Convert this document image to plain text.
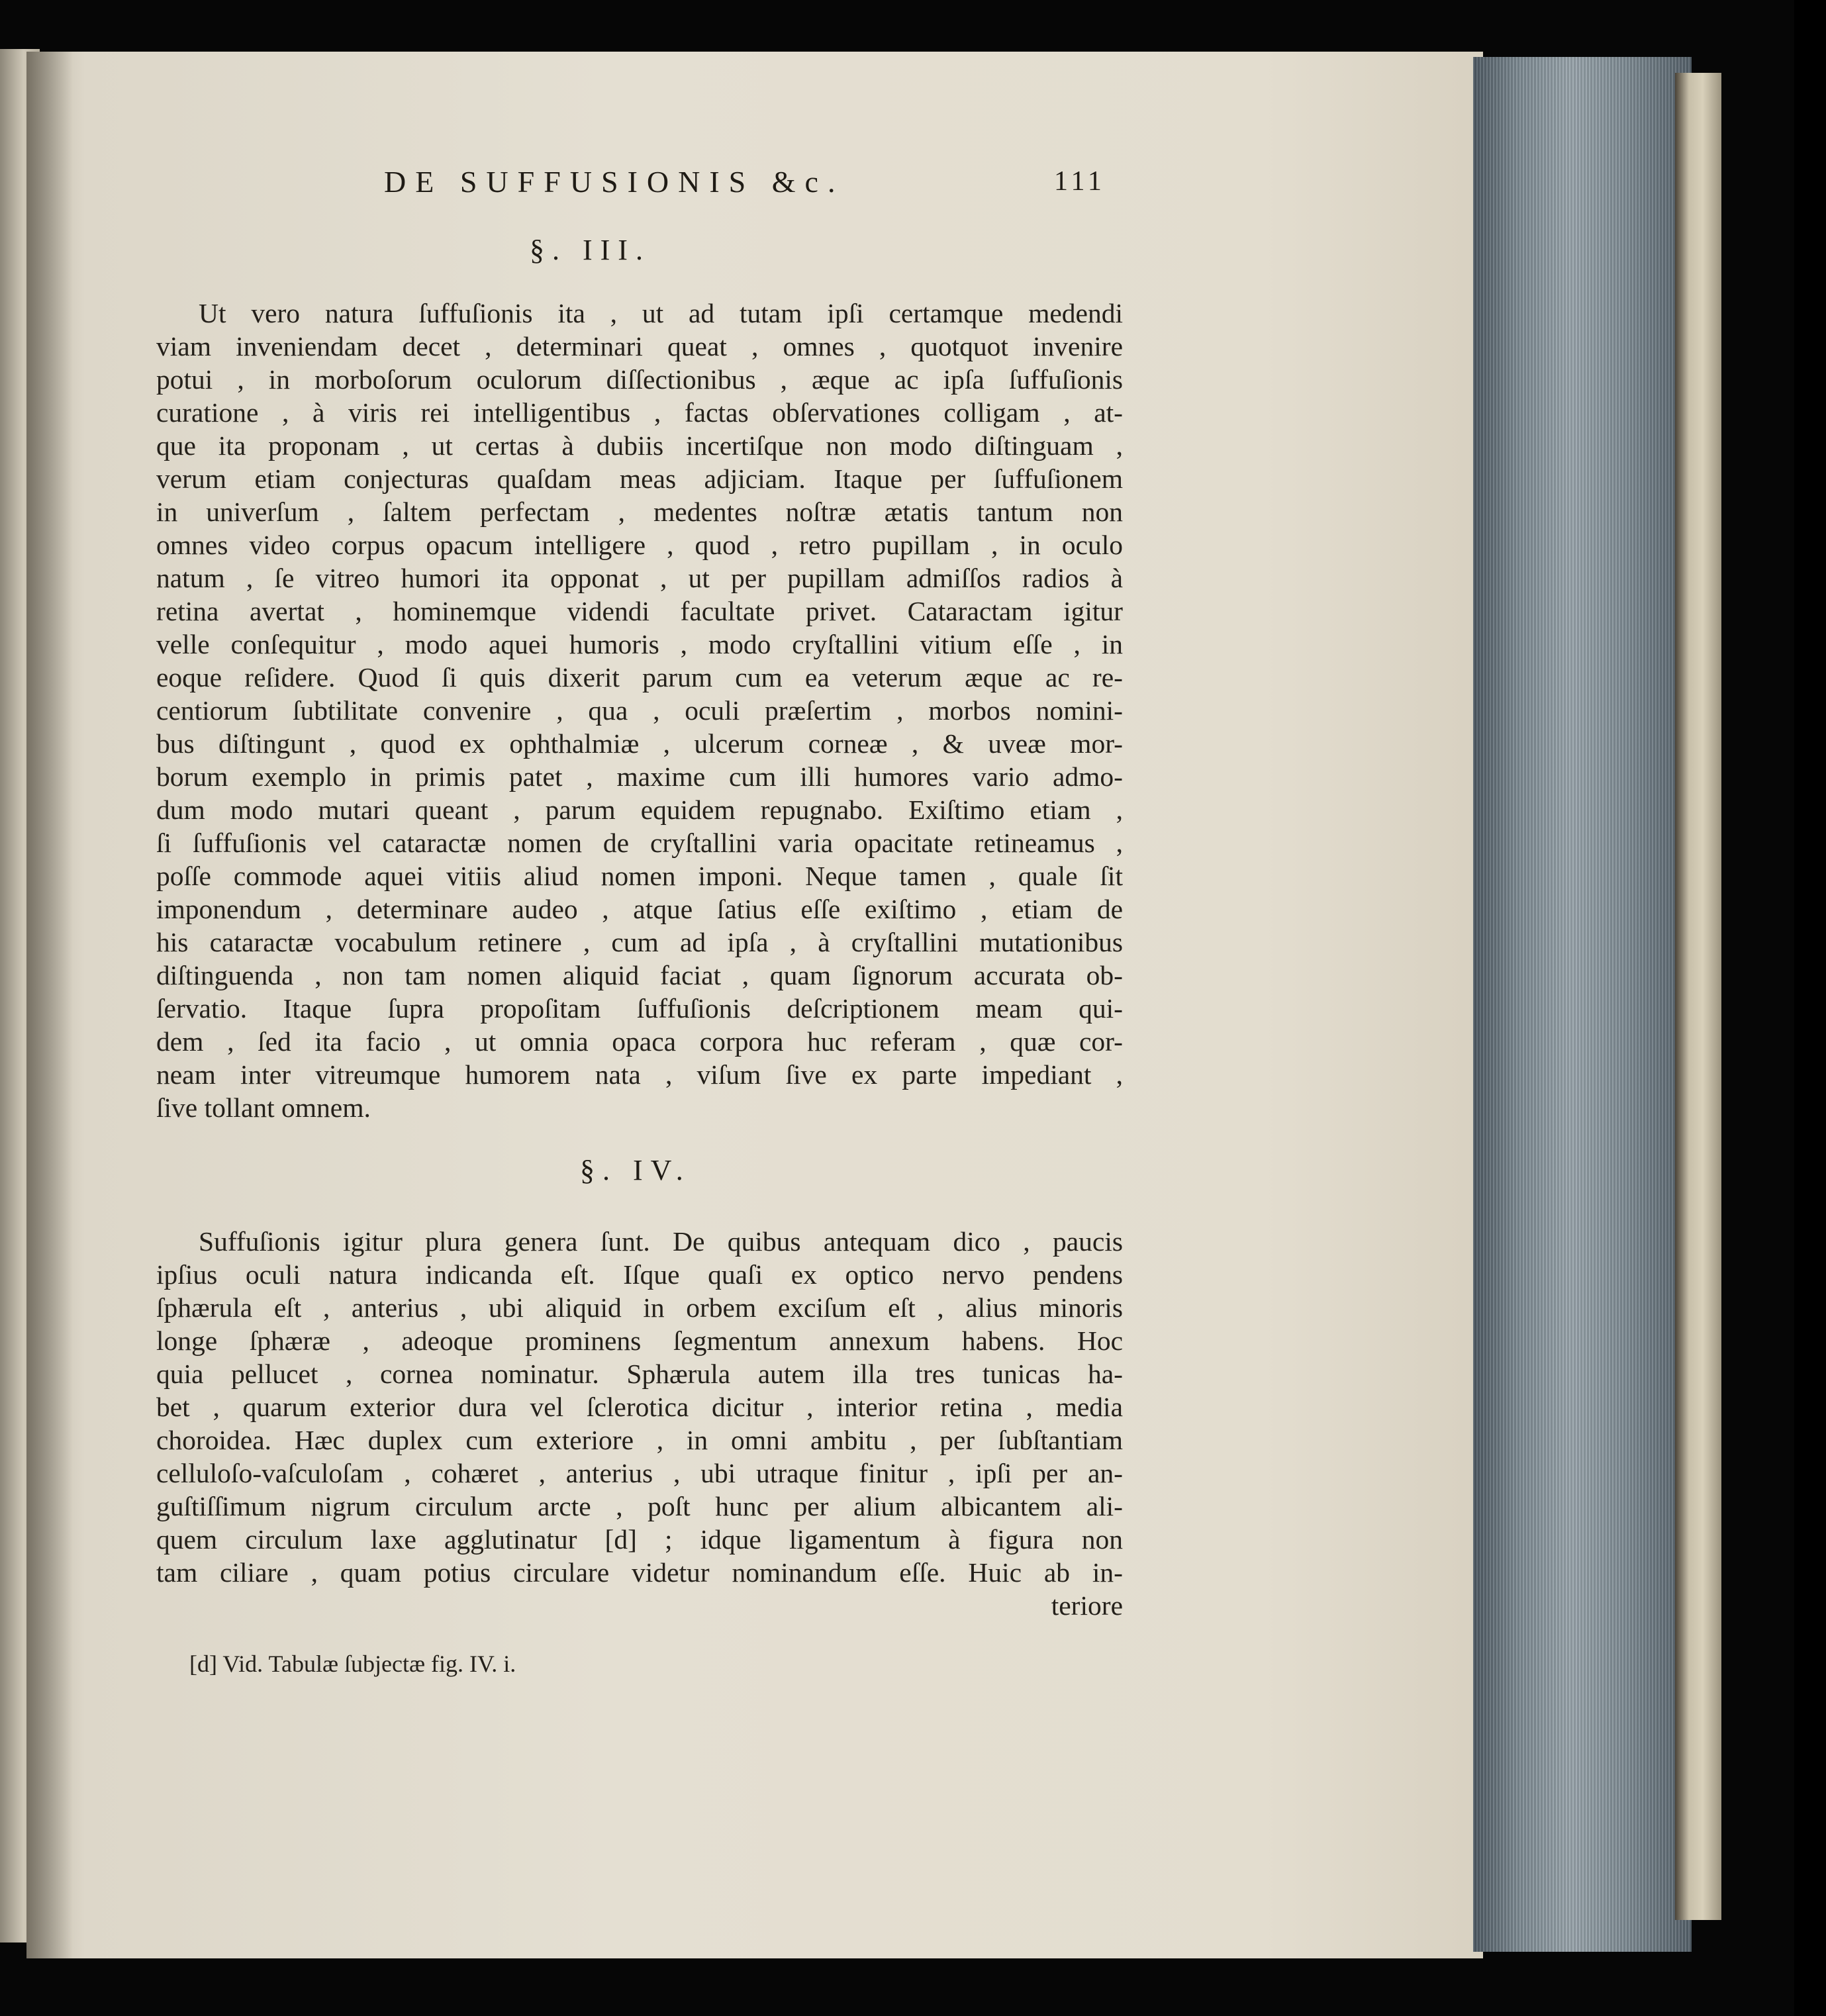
DE SUFFUSIONIS &c.	111
§. III.
Ut vero natura ſuffuſionis ita , ut ad tutam ipſi certamque medendi
viam inveniendam decet , determinari queat , omnes , quotquot invenire
potui , in morboſorum oculorum diſſectionibus , æque ac ipſa ſuffuſionis
curatione , à viris rei intelligentibus , factas obſervationes colligam , at-
que ita proponam , ut certas à dubiis incertiſque non modo diſtinguam ,
verum etiam conjecturas quaſdam meas adjiciam. Itaque per ſuffuſionem
in univerſum , ſaltem perfectam , medentes noſtræ ætatis tantum non
omnes video corpus opacum intelligere , quod , retro pupillam , in oculo
natum , ſe vitreo humori ita opponat , ut per pupillam admiſſos radios à
retina avertat , hominemque videndi facultate privet. Cataractam igitur
velle conſequitur , modo aquei humoris , modo cryſtallini vitium eſſe , in
eoque reſidere. Quod ſi quis dixerit parum cum ea veterum æque ac re-
centiorum ſubtilitate convenire , qua , oculi præſertim , morbos nomini-
bus diſtingunt , quod ex ophthalmiæ , ulcerum corneæ , & uveæ mor-
borum exemplo in primis patet , maxime cum illi humores vario admo-
dum modo mutari queant , parum equidem repugnabo. Exiſtimo etiam ,
ſi ſuffuſionis vel cataractæ nomen de cryſtallini varia opacitate retineamus ,
poſſe commode aquei vitiis aliud nomen imponi. Neque tamen , quale ſit
imponendum , determinare audeo , atque ſatius eſſe exiſtimo , etiam de
his cataractæ vocabulum retinere , cum ad ipſa , à cryſtallini mutationibus
diſtinguenda , non tam nomen aliquid faciat , quam ſignorum accurata ob-
ſervatio. Itaque ſupra propoſitam ſuffuſionis deſcriptionem meam qui-
dem , ſed ita facio , ut omnia opaca corpora huc referam , quæ cor-
neam inter vitreumque humorem nata , viſum ſive ex parte impediant ,
ſive tollant omnem.
§. IV.
Suffuſionis igitur plura genera ſunt. De quibus antequam dico , paucis
ipſius oculi natura indicanda eſt. Iſque quaſi ex optico nervo pendens
ſphærula eſt , anterius , ubi aliquid in orbem exciſum eſt , alius minoris
longe ſphæræ , adeoque prominens ſegmentum annexum habens. Hoc
quia pellucet , cornea nominatur. Sphærula autem illa tres tunicas ha-
bet , quarum exterior dura vel ſclerotica dicitur , interior retina , media
choroidea. Hæc duplex cum exteriore , in omni ambitu , per ſubſtantiam
celluloſo-vaſculoſam , cohæret , anterius , ubi utraque finitur , ipſi per an-
guſtiſſimum nigrum circulum arcte , poſt hunc per alium albicantem ali-
quem circulum laxe agglutinatur [d] ; idque ligamentum à figura non
tam ciliare , quam potius circulare videtur nominandum eſſe. Huic ab in-
teriore
[d] Vid. Tabulæ ſubjectæ fig. IV. i.
